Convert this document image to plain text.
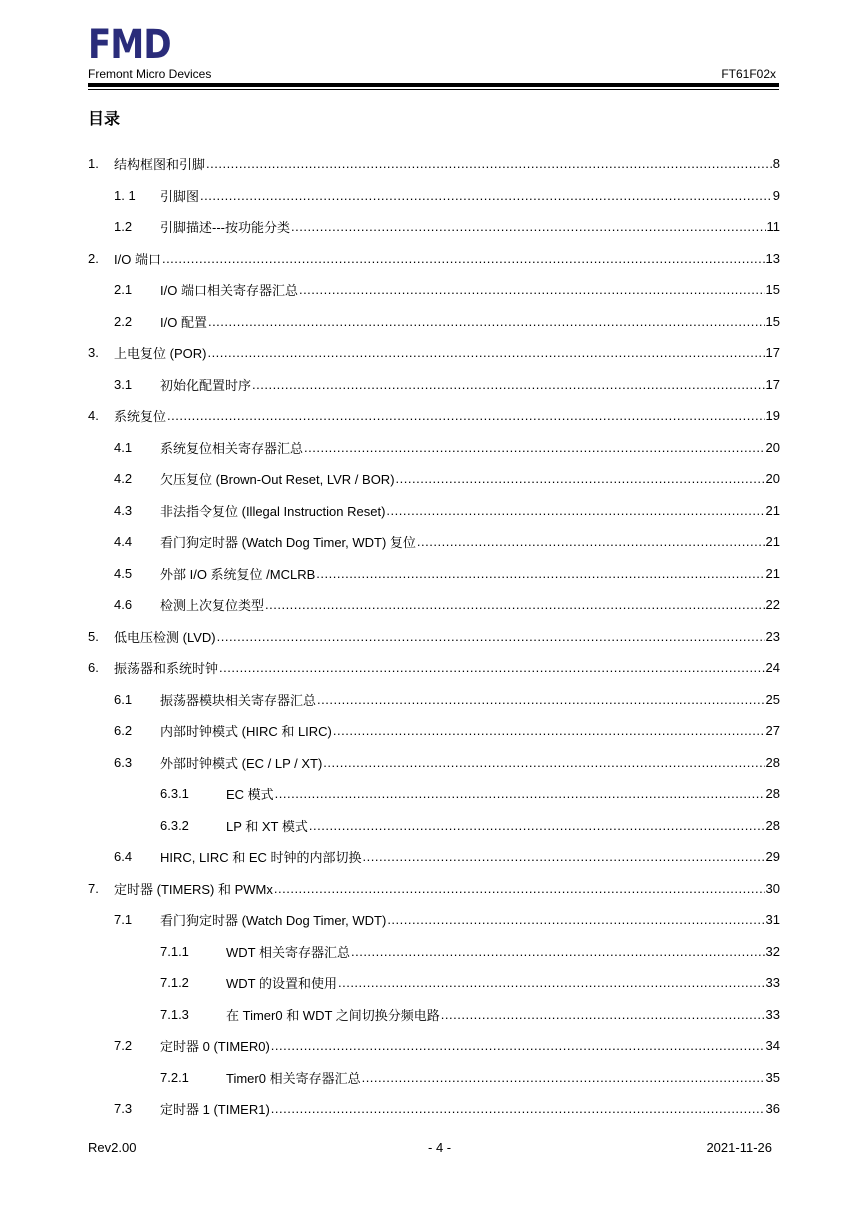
FMD
Fremont Micro Devices	FT61F02x
目录
1.	结构框图和引脚 .....	8
1. 1	引脚图 .....	9
1.2	引脚描述---按功能分类 .....	11
2.	I/O 端口 .....	13
2.1	I/O 端口相关寄存器汇总 .....	15
2.2	I/O 配置 .....	15
3.	上电复位 (POR) .....	17
3.1	初始化配置时序 .....	17
4.	系统复位 .....	19
4.1	系统复位相关寄存器汇总 .....	20
4.2	欠压复位 (Brown-Out Reset, LVR / BOR) .....	20
4.3	非法指令复位 (Illegal Instruction Reset) .....	21
4.4	看门狗定时器 (Watch Dog Timer, WDT) 复位 .....	21
4.5	外部 I/O 系统复位 /MCLRB .....	21
4.6	检测上次复位类型 .....	22
5.	低电压检测 (LVD) .....	23
6.	振荡器和系统时钟 .....	24
6.1	振荡器模块相关寄存器汇总 .....	25
6.2	内部时钟模式 (HIRC 和 LIRC) .....	27
6.3	外部时钟模式 (EC / LP / XT) .....	28
6.3.1	EC 模式 .....	28
6.3.2	LP 和 XT 模式 .....	28
6.4	HIRC, LIRC 和 EC 时钟的内部切换 .....	29
7.	定时器 (TIMERS) 和 PWMx .....	30
7.1	看门狗定时器 (Watch Dog Timer, WDT) .....	31
7.1.1	WDT 相关寄存器汇总 .....	32
7.1.2	WDT 的设置和使用 .....	33
7.1.3	在 Timer0 和 WDT 之间切换分频电路 .....	33
7.2	定时器 0 (TIMER0) .....	34
7.2.1	Timer0 相关寄存器汇总 .....	35
7.3	定时器 1 (TIMER1) .....	36
Rev2.00	- 4 -	2021-11-26
